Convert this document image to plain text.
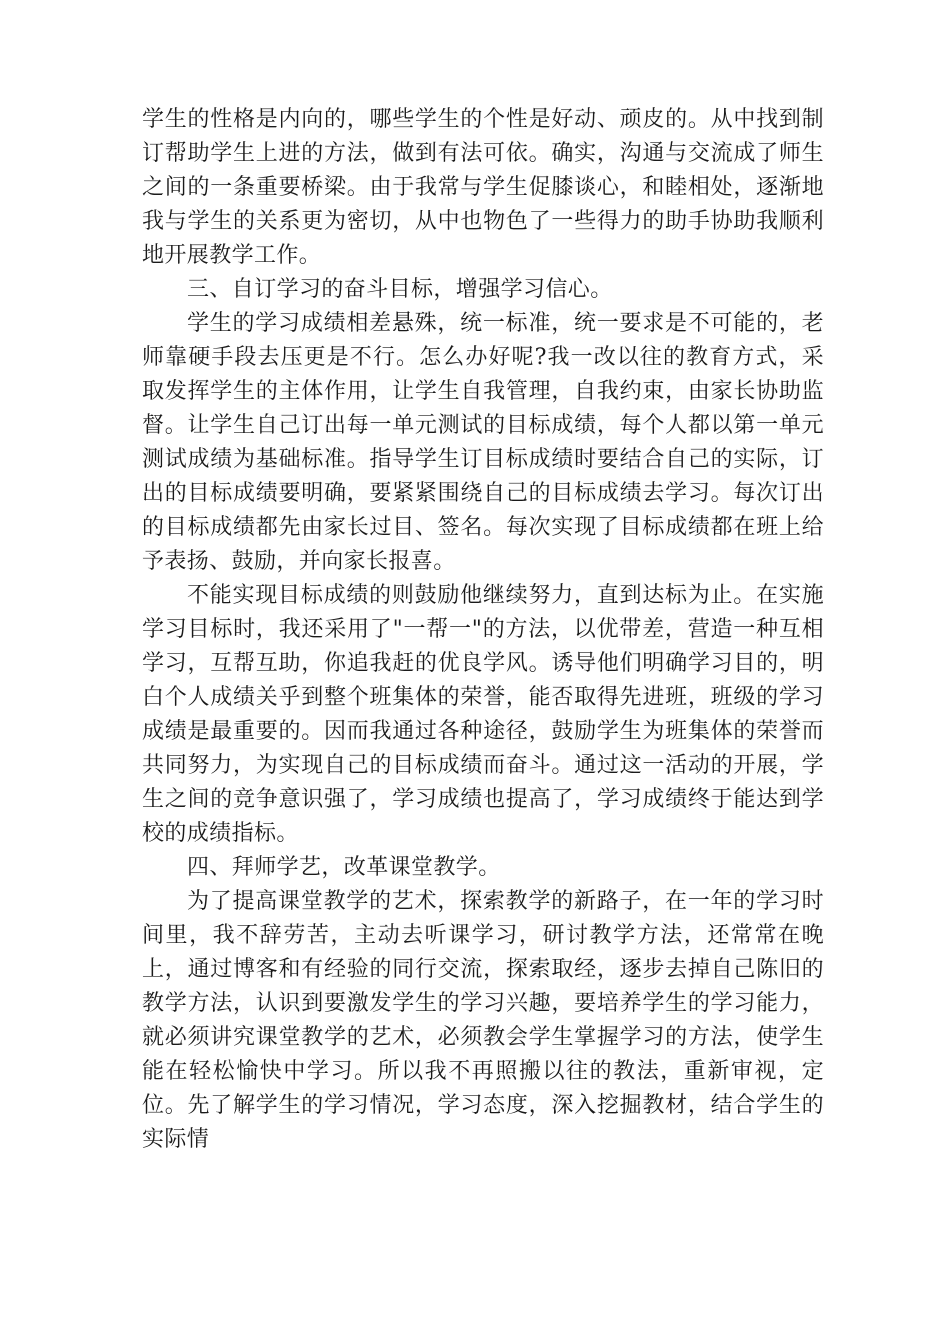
学生的性格是内向的，哪些学生的个性是好动、顽皮的。从中找到制订帮助学生上进的方法，做到有法可依。确实，沟通与交流成了师生之间的一条重要桥梁。由于我常与学生促膝谈心，和睦相处，逐渐地我与学生的关系更为密切，从中也物色了一些得力的助手协助我顺利地开展教学工作。

三、自订学习的奋斗目标，增强学习信心。

学生的学习成绩相差悬殊，统一标准，统一要求是不可能的，老师靠硬手段去压更是不行。怎么办好呢?我一改以往的教育方式，采取发挥学生的主体作用，让学生自我管理，自我约束，由家长协助监督。让学生自己订出每一单元测试的目标成绩，每个人都以第一单元测试成绩为基础标准。指导学生订目标成绩时要结合自己的实际，订出的目标成绩要明确，要紧紧围绕自己的目标成绩去学习。每次订出的目标成绩都先由家长过目、签名。每次实现了目标成绩都在班上给予表扬、鼓励，并向家长报喜。

不能实现目标成绩的则鼓励他继续努力，直到达标为止。在实施学习目标时，我还采用了"一帮一"的方法，以优带差，营造一种互相学习，互帮互助，你追我赶的优良学风。诱导他们明确学习目的，明白个人成绩关乎到整个班集体的荣誉，能否取得先进班，班级的学习成绩是最重要的。因而我通过各种途径，鼓励学生为班集体的荣誉而共同努力，为实现自己的目标成绩而奋斗。通过这一活动的开展，学生之间的竞争意识强了，学习成绩也提高了，学习成绩终于能达到学校的成绩指标。

四、拜师学艺，改革课堂教学。

为了提高课堂教学的艺术，探索教学的新路子，在一年的学习时间里，我不辞劳苦，主动去听课学习，研讨教学方法，还常常在晚上，通过博客和有经验的同行交流，探索取经，逐步去掉自己陈旧的教学方法，认识到要激发学生的学习兴趣，要培养学生的学习能力，就必须讲究课堂教学的艺术，必须教会学生掌握学习的方法，使学生能在轻松愉快中学习。所以我不再照搬以往的教法，重新审视，定位。先了解学生的学习情况，学习态度，深入挖掘教材，结合学生的实际情
